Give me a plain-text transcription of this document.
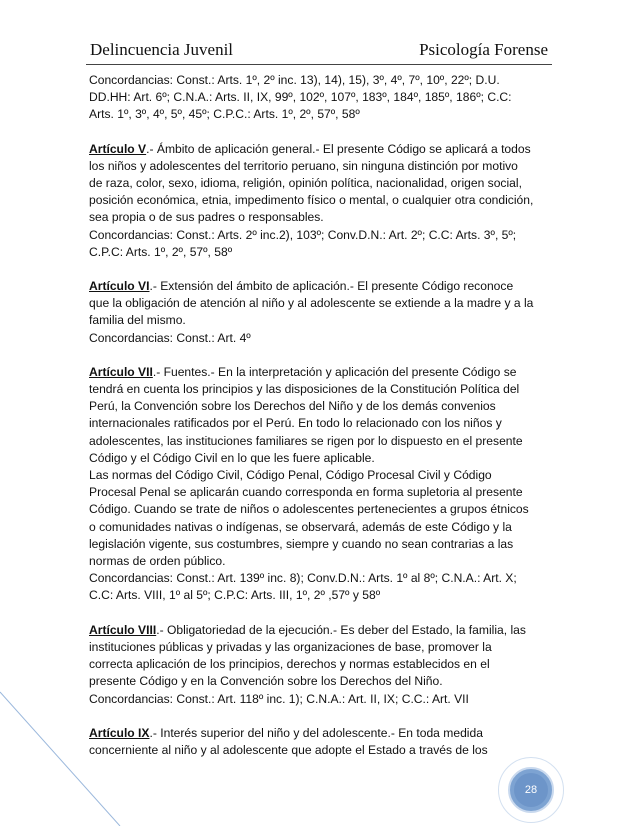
Delincuencia Juvenil	Psicología Forense

Concordancias: Const.: Arts. 1º, 2º inc. 13), 14), 15), 3º, 4º, 7º, 10º, 22º; D.U.

DD.HH: Art. 6º; C.N.A.: Arts. II, IX, 99º, 102º, 107º, 183º, 184º, 185º, 186º; C.C:

Arts. 1º, 3º, 4º, 5º, 45º; C.P.C.: Arts. 1º, 2º, 57º, 58º

Artículo V.- Ámbito de aplicación general.- El presente Código se aplicará a todos

los niños y adolescentes del territorio peruano, sin ninguna distinción por motivo

de raza, color, sexo, idioma, religión, opinión política, nacionalidad, origen social,

posición económica, etnia, impedimento físico o mental, o cualquier otra condición,

sea propia o de sus padres o responsables.

Concordancias: Const.: Arts. 2º inc.2), 103º; Conv.D.N.: Art. 2º; C.C: Arts. 3º, 5º;

C.P.C: Arts. 1º, 2º, 57º, 58º

Artículo VI.- Extensión del ámbito de aplicación.- El presente Código reconoce

que la obligación de atención al niño y al adolescente se extiende a la madre y a la

familia del mismo.

Concordancias: Const.: Art. 4º

Artículo VII.- Fuentes.- En la interpretación y aplicación del presente Código se

tendrá en cuenta los principios y las disposiciones de la Constitución Política del

Perú, la Convención sobre los Derechos del Niño y de los demás convenios

internacionales ratificados por el Perú. En todo lo relacionado con los niños y

adolescentes, las instituciones familiares se rigen por lo dispuesto en el presente

Código y el Código Civil en lo que les fuere aplicable.

Las normas del Código Civil, Código Penal, Código Procesal Civil y Código

Procesal Penal se aplicarán cuando corresponda en forma supletoria al presente

Código. Cuando se trate de niños o adolescentes pertenecientes a grupos étnicos

o comunidades nativas o indígenas, se observará, además de este Código y la

legislación vigente, sus costumbres, siempre y cuando no sean contrarias a las

normas de orden público.

Concordancias: Const.: Art. 139º inc. 8); Conv.D.N.: Arts. 1º al 8º; C.N.A.: Art. X;

C.C: Arts. VIII, 1º al 5º; C.P.C: Arts. III, 1º, 2º ,57º y 58º

Artículo VIII.- Obligatoriedad de la ejecución.- Es deber del Estado, la familia, las

instituciones públicas y privadas y las organizaciones de base, promover la

correcta aplicación de los principios, derechos y normas establecidos en el

presente Código y en la Convención sobre los Derechos del Niño.

Concordancias: Const.: Art. 118º inc. 1); C.N.A.: Art. II, IX; C.C.: Art. VII

Artículo IX.- Interés superior del niño y del adolescente.- En toda medida

concerniente al niño y al adolescente que adopte el Estado a través de los

28
